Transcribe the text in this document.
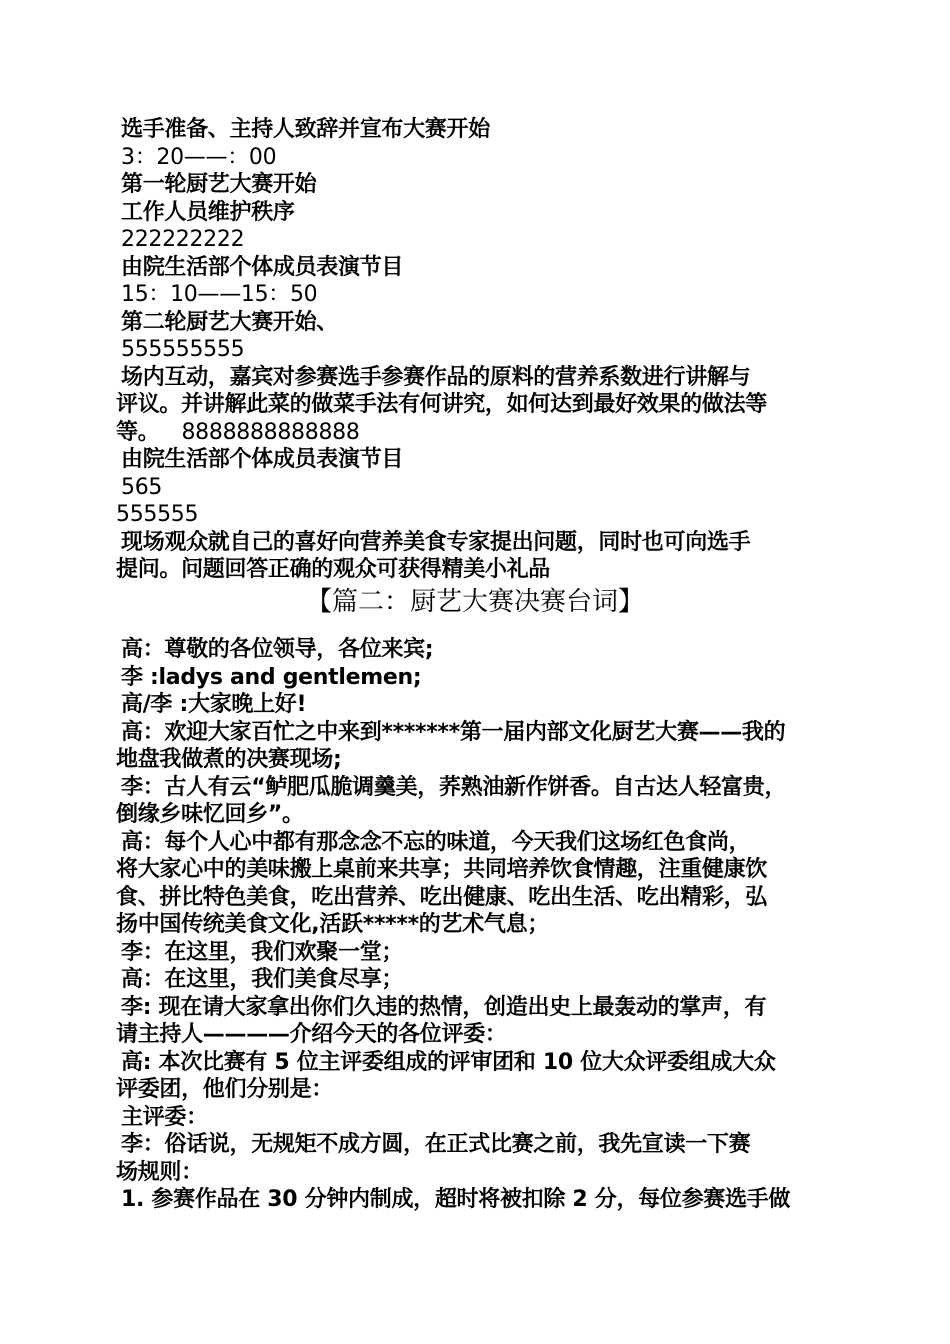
选手准备、主持人致辞并宣布大赛开始

3：20——：00

第一轮厨艺大赛开始

工作人员维护秩序

222222222

由院生活部个体成员表演节目

15：10——15：50

第二轮厨艺大赛开始、

555555555

场内互动，嘉宾对参赛选手参赛作品的原料的营养系数进行讲解与

评议。并讲解此菜的做菜手法有何讲究，如何达到最好效果的做法等

等。 8888888888888

由院生活部个体成员表演节目

565

555555

现场观众就自己的喜好向营养美食专家提出问题，同时也可向选手

提问。问题回答正确的观众可获得精美小礼品

【篇二：厨艺大赛决赛台词】

高：尊敬的各位领导，各位来宾;

李 :ladys and gentlemen;

高/李 :大家晚上好!

高：欢迎大家百忙之中来到*******第一届内部文化厨艺大赛——我的

地盘我做煮的决赛现场;

李：古人有云“鲈肥瓜脆调羹美，荞熟油新作饼香。自古达人轻富贵，

倒缘乡味忆回乡”。

高：每个人心中都有那念念不忘的味道，今天我们这场红色食尚，

将大家心中的美味搬上桌前来共享；共同培养饮食情趣，注重健康饮

食、拼比特色美食，吃出营养、吃出健康、吃出生活、吃出精彩，弘

扬中国传统美食文化,活跃*****的艺术气息；

李：在这里，我们欢聚一堂；

高：在这里，我们美食尽享；

李: 现在请大家拿出你们久违的热情，创造出史上最轰动的掌声，有

请主持人————介绍今天的各位评委：

高: 本次比赛有 5 位主评委组成的评审团和 10 位大众评委组成大众

评委团，他们分别是：

主评委：

李：俗话说，无规矩不成方圆，在正式比赛之前，我先宣读一下赛

场规则：

1. 参赛作品在 30 分钟内制成，超时将被扣除 2 分，每位参赛选手做
